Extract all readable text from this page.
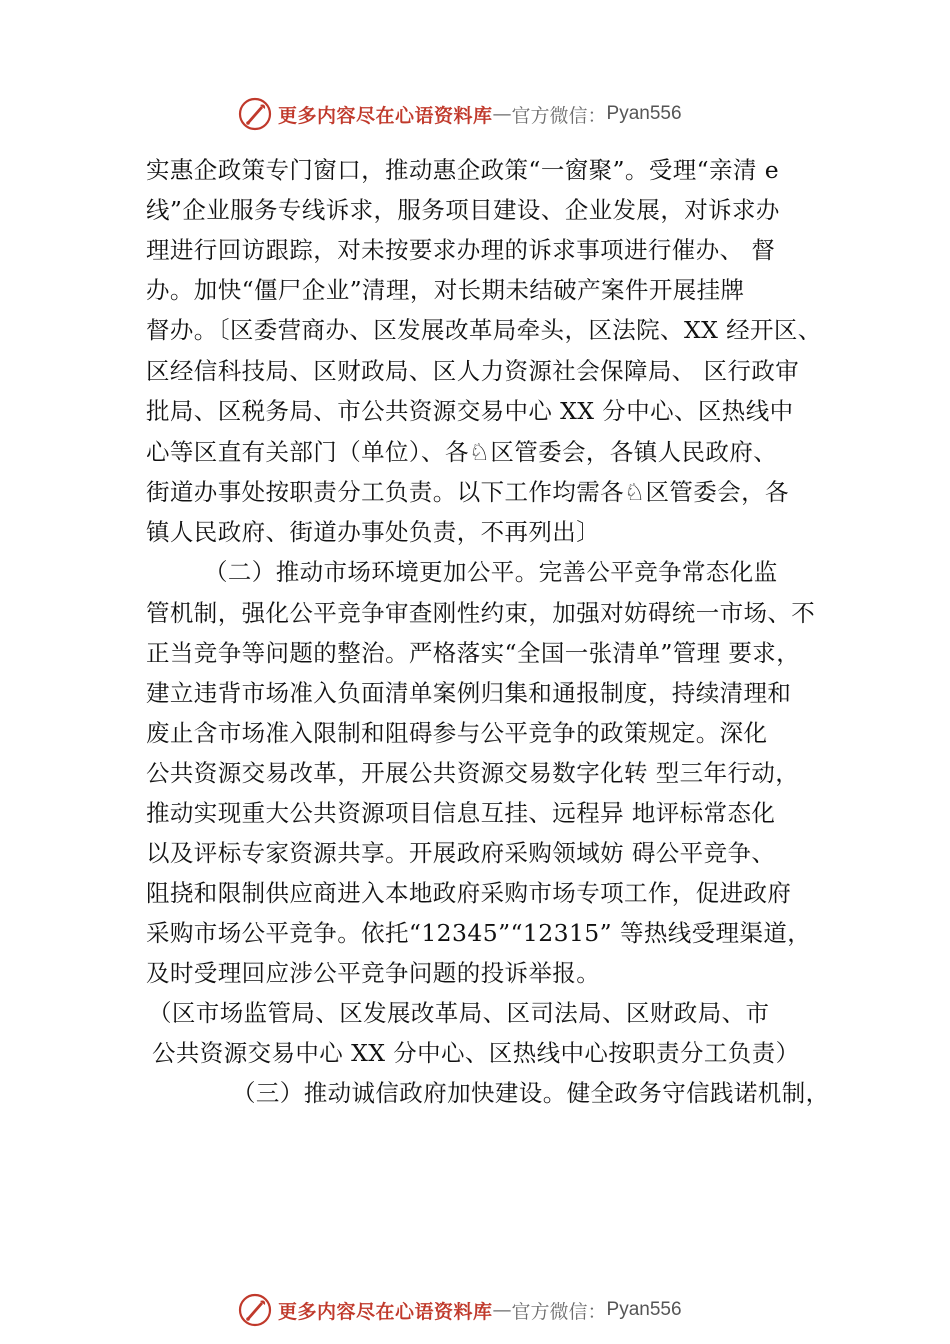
更多内容尽在心语资料库 — 官方微信： Pyan556
实惠企政策专门窗口，推动惠企政策“一窗聚”。受理“亲清 e
线”企业服务专线诉求，服务项目建设、企业发展，对诉求办
理进行回访跟踪，对未按要求办理的诉求事项进行催办、 督
办。加快“僵尸企业”清理，对长期未结破产案件开展挂牌
督办。〔区委营商办、区发展改革局牵头，区法院、XX 经开区、
区经信科技局、区财政局、区人力资源社会保障局、 区行政审
批局、区税务局、市公共资源交易中心 XX 分中心、区热线中
心等区直有关部门（单位）、各♘区管委会，各镇人民政府、
街道办事处按职责分工负责。以下工作均需各♘区管委会，各
镇人民政府、街道办事处负责，不再列出〕
（二）推动市场环境更加公平。完善公平竞争常态化监
管机制，强化公平竞争审查刚性约束，加强对妨碍统一市场、不
正当竞争等问题的整治。严格落实“全国一张清单”管理 要求，
建立违背市场准入负面清单案例归集和通报制度，持续清理和
废止含市场准入限制和阻碍参与公平竞争的政策规定。深化
公共资源交易改革，开展公共资源交易数字化转 型三年行动，
推动实现重大公共资源项目信息互挂、远程异 地评标常态化
以及评标专家资源共享。开展政府采购领域妨 碍公平竞争、
阻挠和限制供应商进入本地政府采购市场专项工作，促进政府
采购市场公平竞争。依托“12345”“12315” 等热线受理渠道，
及时受理回应涉公平竞争问题的投诉举报。
（区市场监管局、区发展改革局、区司法局、区财政局、市
公共资源交易中心 XX 分中心、区热线中心按职责分工负责）
（三）推动诚信政府加快建设。健全政务守信践诺机制，
更多内容尽在心语资料库 — 官方微信： Pyan556
